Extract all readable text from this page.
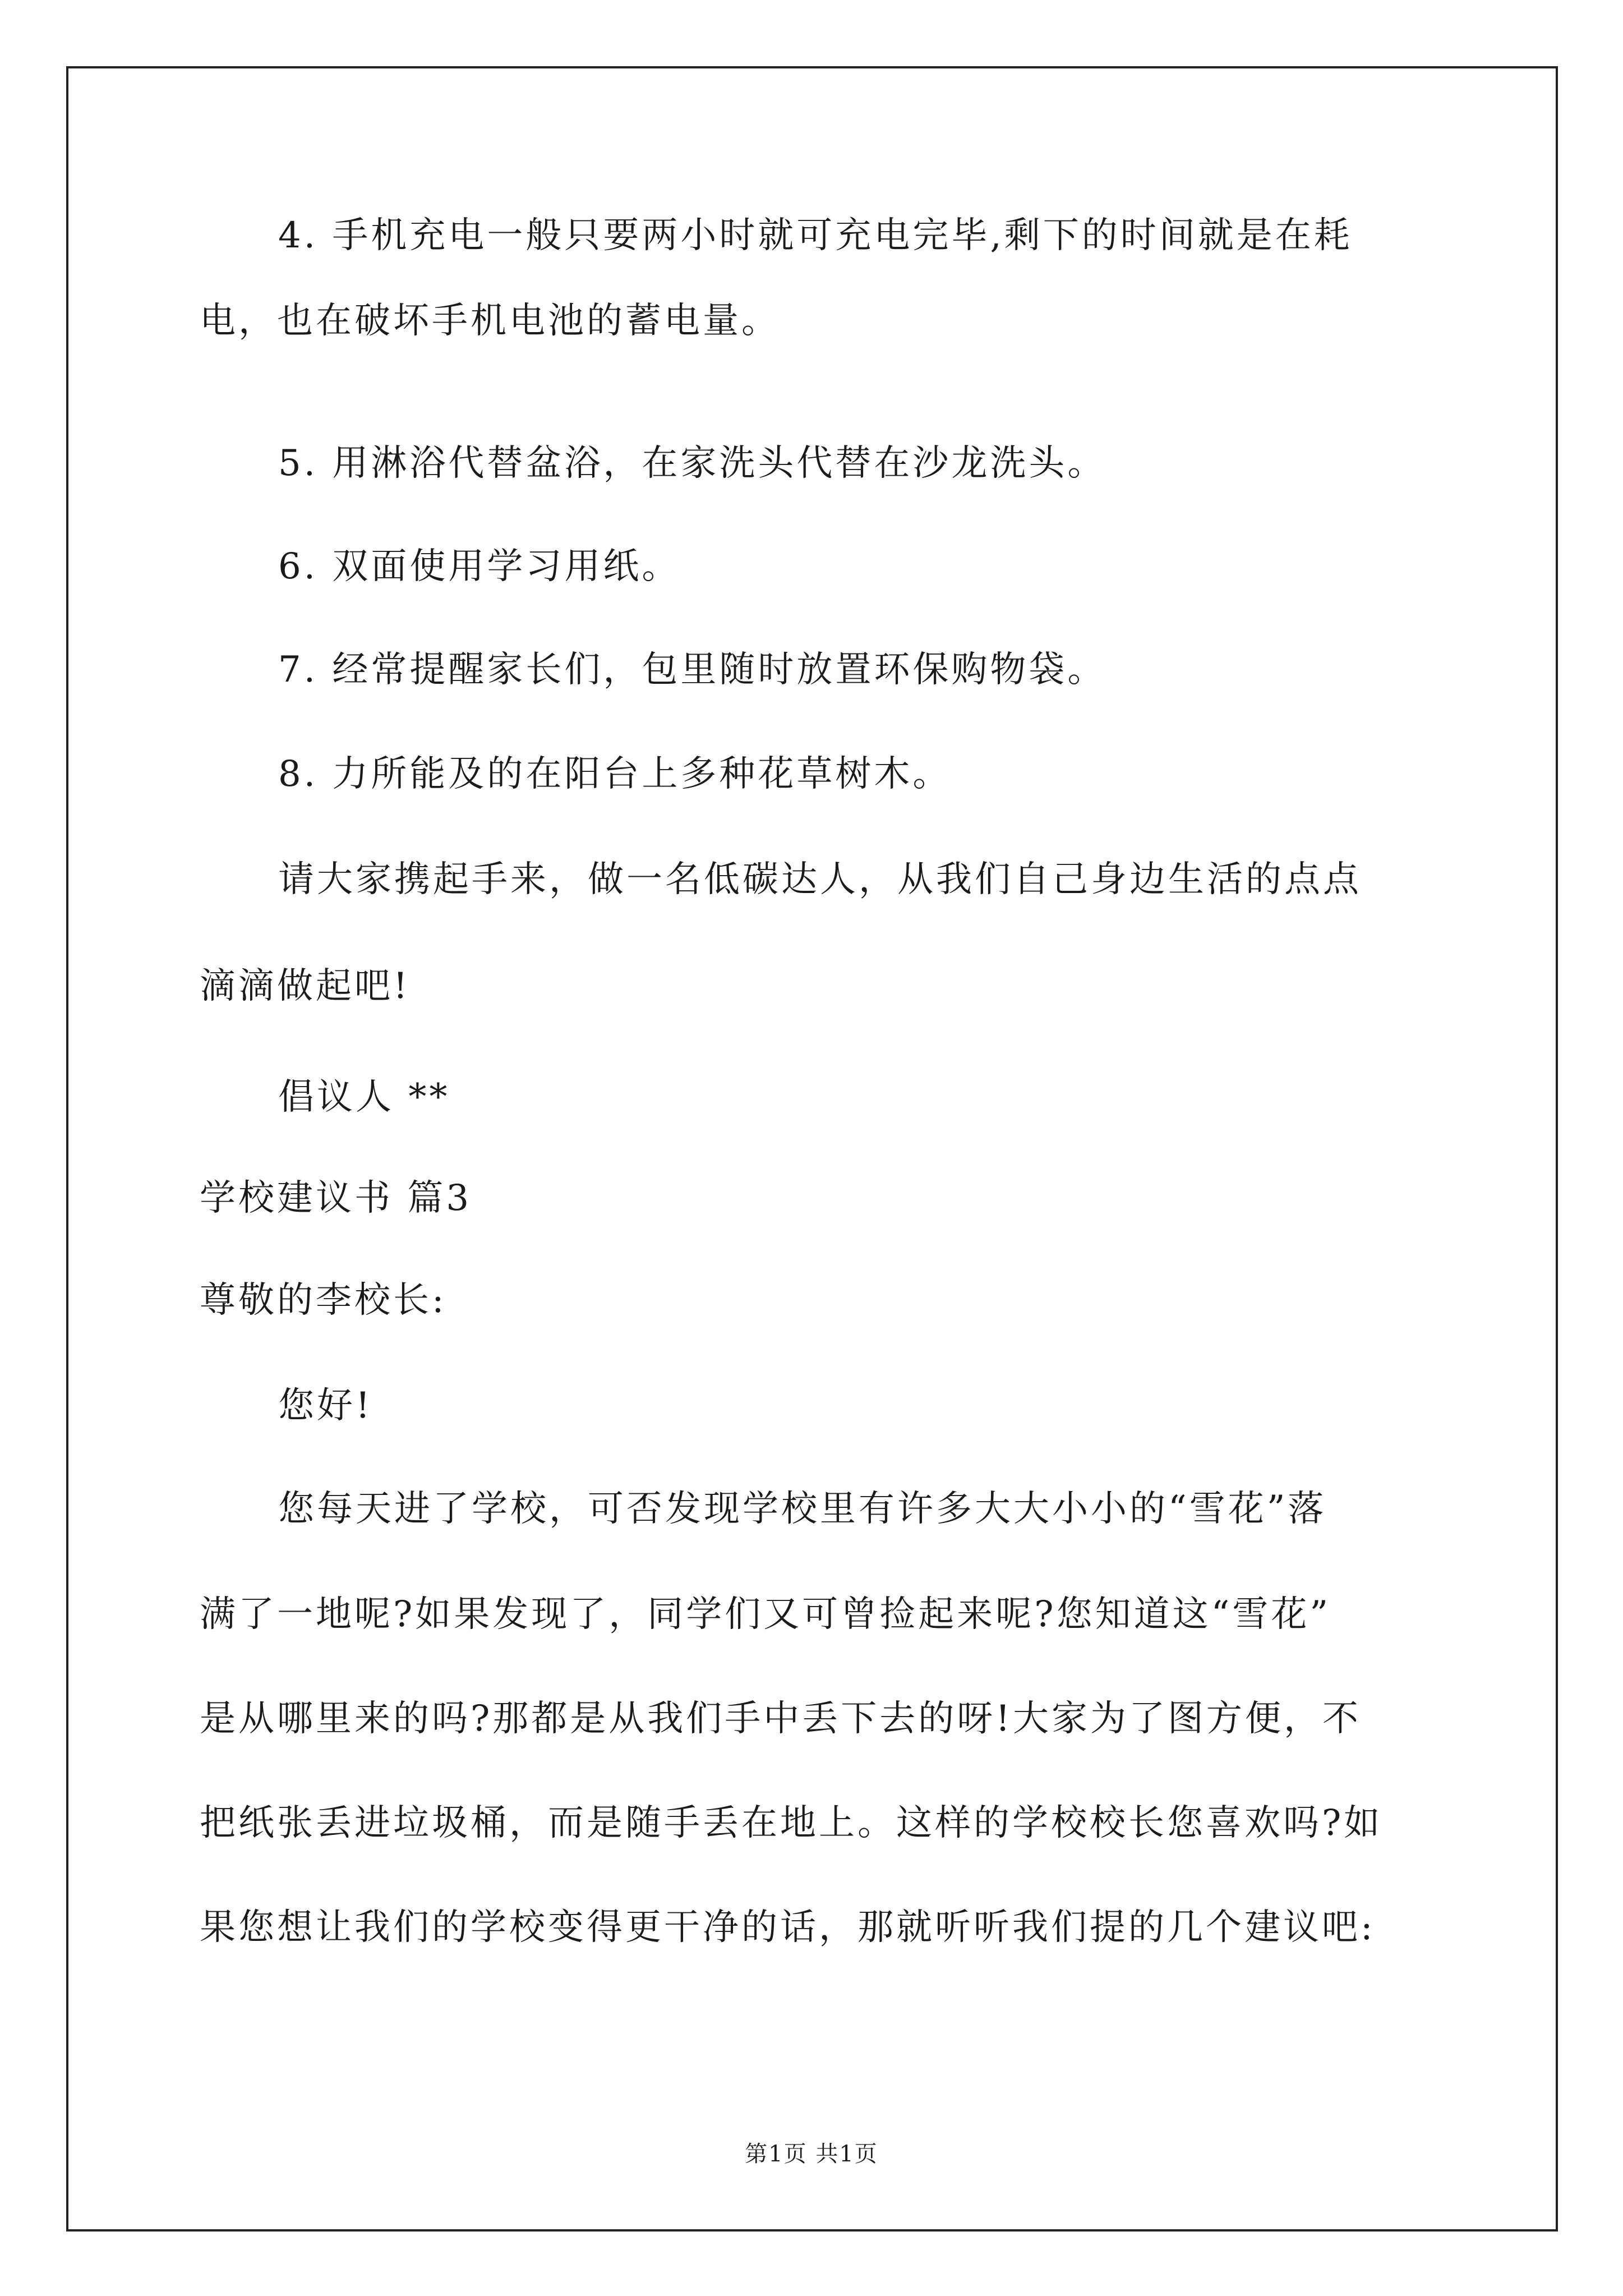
4. 手机充电一般只要两小时就可充电完毕,剩下的时间就是在耗
电，也在破坏手机电池的蓄电量。
5. 用淋浴代替盆浴，在家洗头代替在沙龙洗头。
6. 双面使用学习用纸。
7. 经常提醒家长们，包里随时放置环保购物袋。
8. 力所能及的在阳台上多种花草树木。
请大家携起手来，做一名低碳达人，从我们自己身边生活的点点
滴滴做起吧!
倡议人 **
学校建议书 篇3
尊敬的李校长:
您好!
您每天进了学校，可否发现学校里有许多大大小小的“雪花”落
满了一地呢?如果发现了，同学们又可曾捡起来呢?您知道这“雪花”
是从哪里来的吗?那都是从我们手中丢下去的呀!大家为了图方便，不
把纸张丢进垃圾桶，而是随手丢在地上。这样的学校校长您喜欢吗?如
果您想让我们的学校变得更干净的话，那就听听我们提的几个建议吧:
第1页 共1页
